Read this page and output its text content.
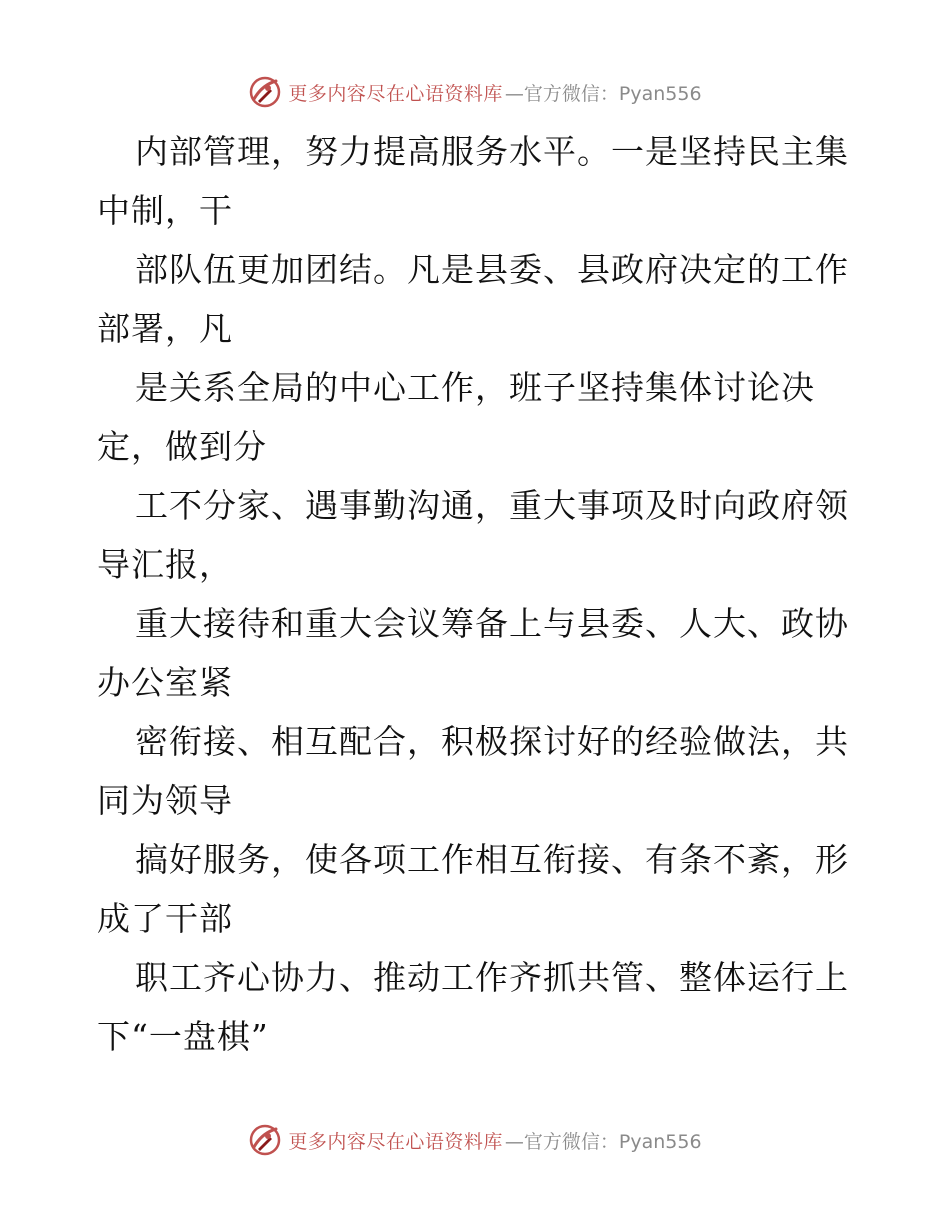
更多内容尽在心语资料库 —官方微信：Pyan556

内部管理，努力提高服务水平。一是坚持民主集
中制，干

部队伍更加团结。凡是县委、县政府决定的工作
部署，凡

是关系全局的中心工作，班子坚持集体讨论决
定，做到分

工不分家、遇事勤沟通，重大事项及时向政府领
导汇报，

重大接待和重大会议筹备上与县委、人大、政协
办公室紧

密衔接、相互配合，积极探讨好的经验做法，共
同为领导

搞好服务，使各项工作相互衔接、有条不紊，形
成了干部

职工齐心协力、推动工作齐抓共管、整体运行上
下“一盘棋”

更多内容尽在心语资料库 —官方微信：Pyan556
